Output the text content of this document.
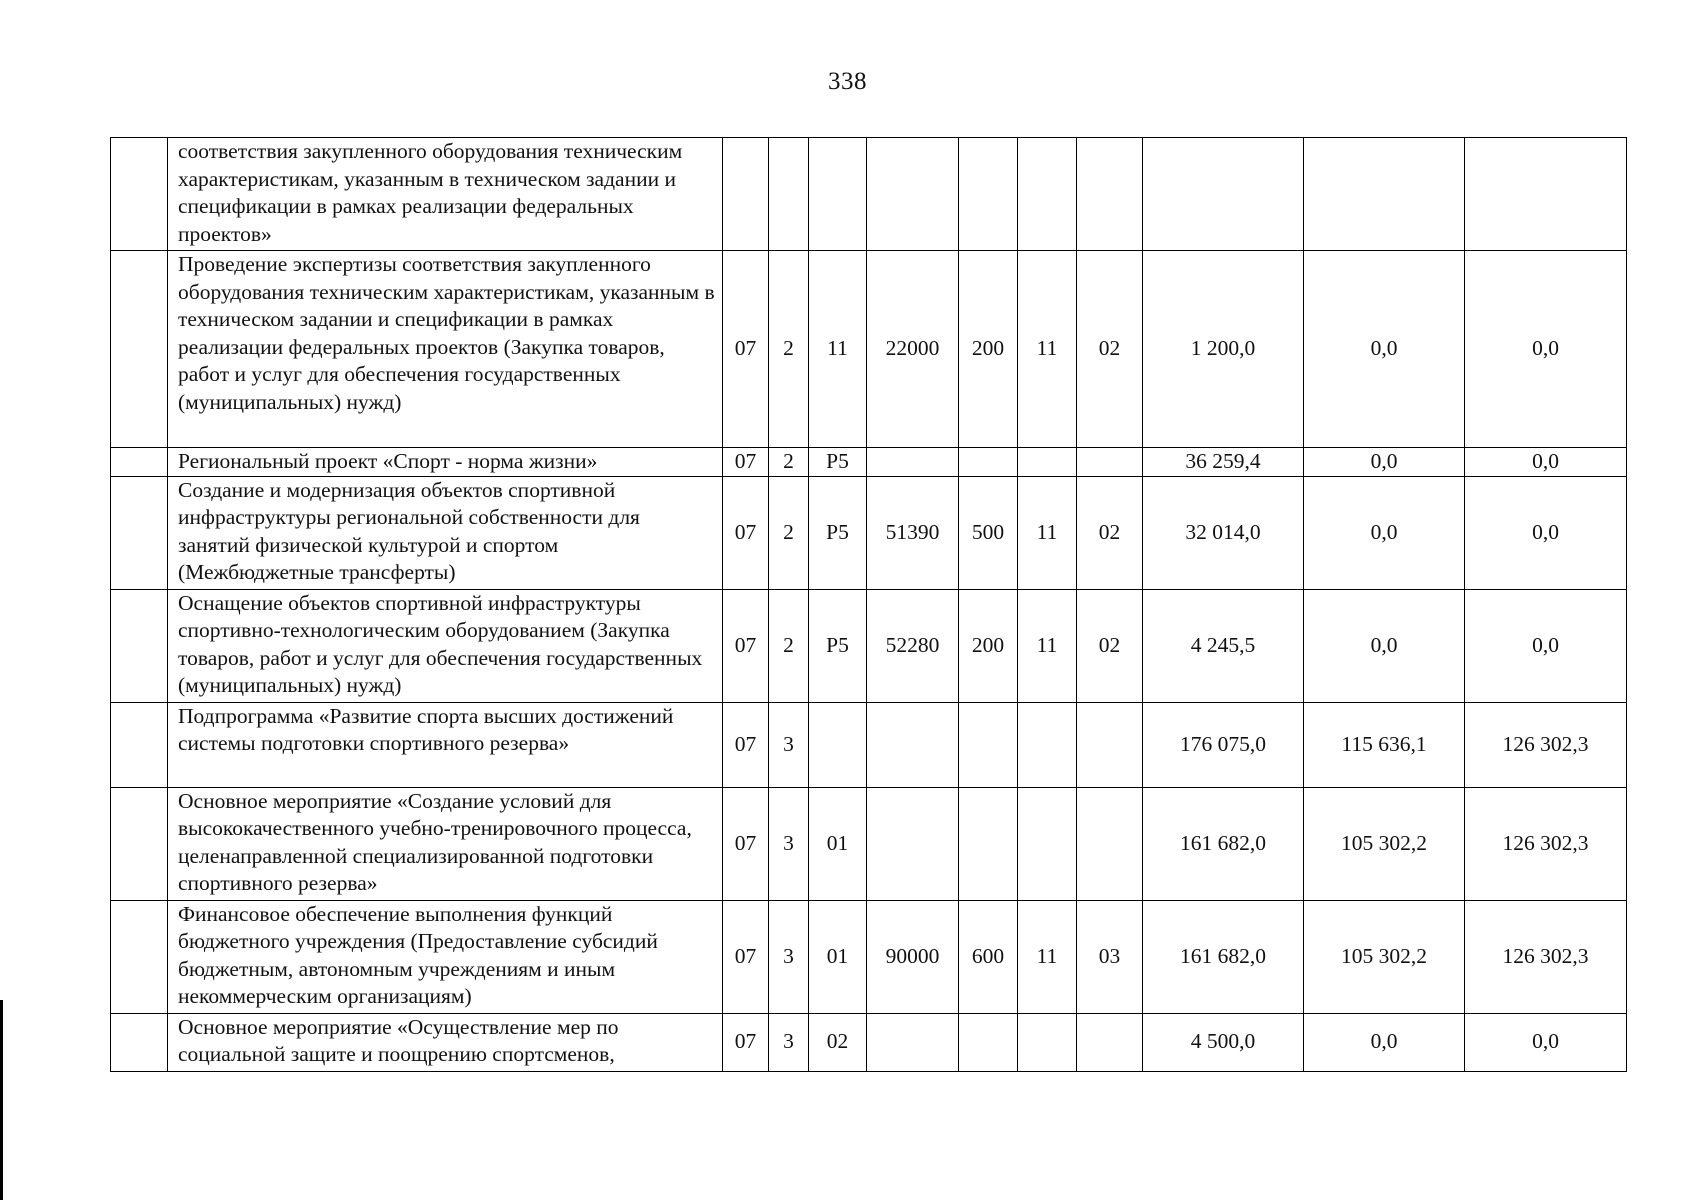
338
	соответствия закупленного оборудования техническим характеристикам, указанным в техническом задании и спецификации в рамках реализации федеральных проектов»										
	Проведение экспертизы соответствия закупленного оборудования техническим характеристикам, указанным в техническом задании и спецификации в рамках реализации федеральных проектов (Закупка товаров, работ и услуг для обеспечения государственных (муниципальных) нужд)	07	2	11	22000	200	11	02	1 200,0	0,0	0,0
	Региональный проект «Спорт - норма жизни»	07	2	P5					36 259,4	0,0	0,0
	Создание и модернизация объектов спортивной инфраструктуры региональной собственности для занятий физической культурой и спортом (Межбюджетные трансферты)	07	2	P5	51390	500	11	02	32 014,0	0,0	0,0
	Оснащение объектов спортивной инфраструктуры спортивно-технологическим оборудованием (Закупка товаров, работ и услуг для обеспечения государственных (муниципальных) нужд)	07	2	P5	52280	200	11	02	4 245,5	0,0	0,0
	Подпрограмма «Развитие спорта высших достижений системы подготовки спортивного резерва»	07	3						176 075,0	115 636,1	126 302,3
	Основное мероприятие «Создание условий для высококачественного учебно-тренировочного процесса, целенаправленной специализированной подготовки спортивного резерва»	07	3	01					161 682,0	105 302,2	126 302,3
	Финансовое обеспечение выполнения функций бюджетного учреждения (Предоставление субсидий бюджетным, автономным учреждениям и иным некоммерческим организациям)	07	3	01	90000	600	11	03	161 682,0	105 302,2	126 302,3
	Основное мероприятие «Осуществление мер по социальной защите и поощрению спортсменов,	07	3	02					4 500,0	0,0	0,0
